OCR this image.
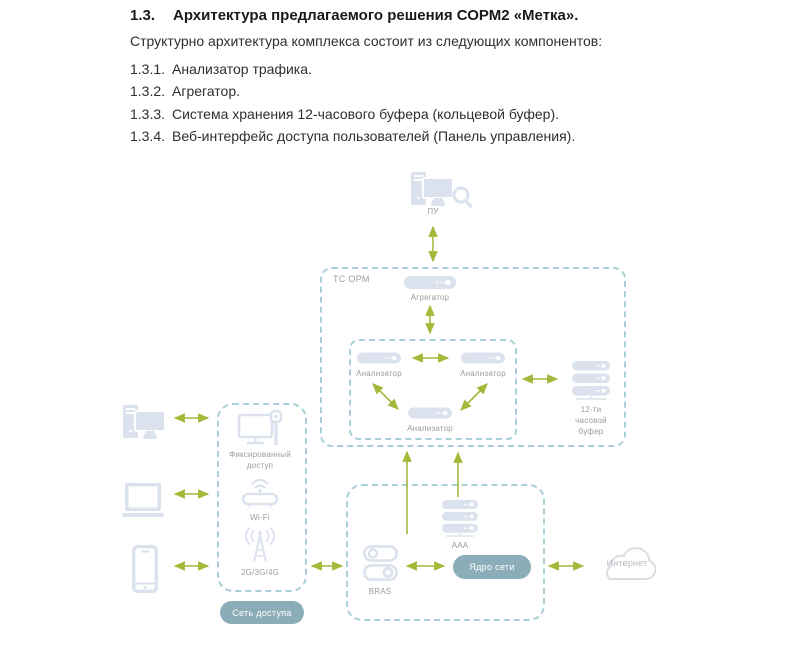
1.3. Архитектура предлагаемого решения СОРМ2 «Метка».
Структурно архитектура комплекса состоит из следующих компонентов:
1.3.1. Анализатор трафика.
1.3.2. Агрегатор.
1.3.3. Система хранения 12-часового буфера (кольцевой буфер).
1.3.4. Веб-интерфейс доступа пользователей (Панель управления).
ПУ
ТС ОРМ
Агрегатор
Анализатор	Анализатор
Анализатор
12-ти
часовой
буфер
Фиксированный
доступ
Wi-Fi
2G/3G/4G
Сеть доступа
BRAS
AAA
Ядро сети	Интернет
